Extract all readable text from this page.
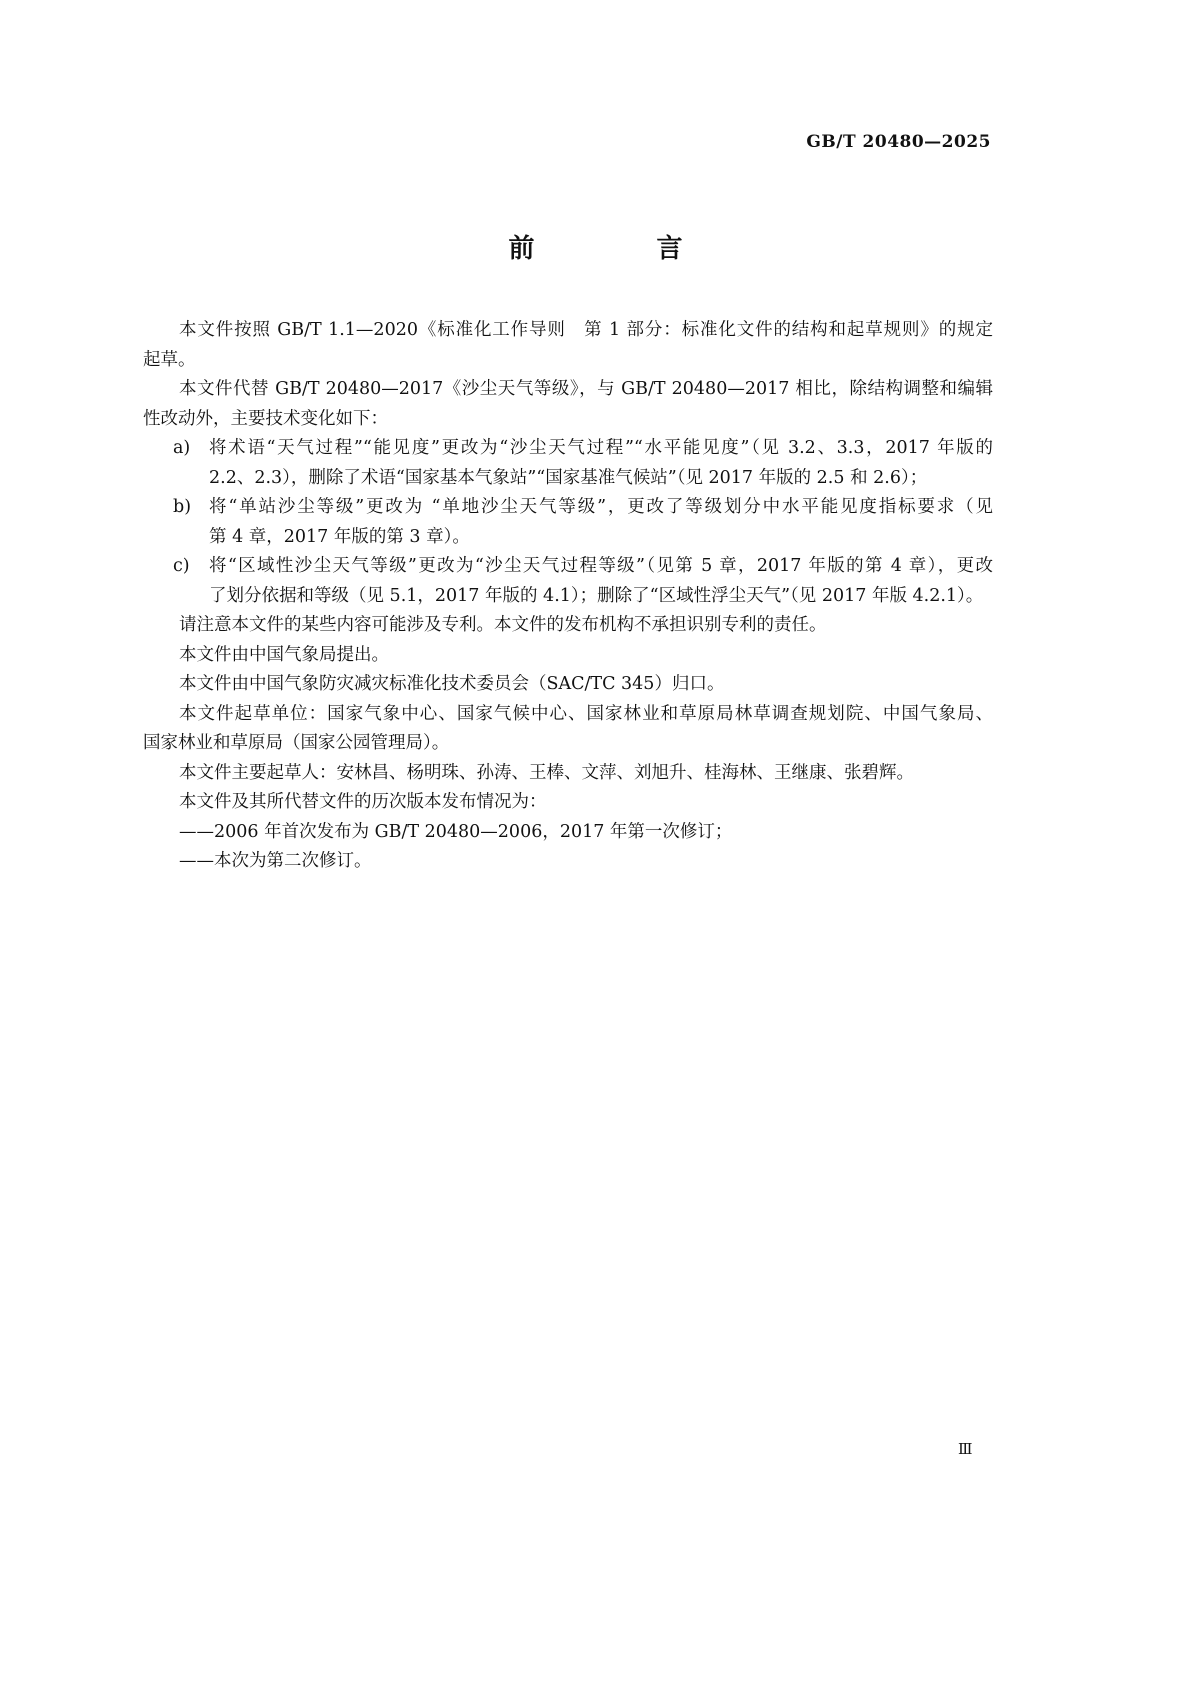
GB/T 20480—2025
前　言
本文件按照 GB/T 1.1—2020《标准化工作导则　第 1 部分：标准化文件的结构和起草规则》的规定
起草。
本文件代替 GB/T 20480—2017《沙尘天气等级》，与 GB/T 20480—2017 相比，除结构调整和编辑
性改动外，主要技术变化如下：
a)	将术语“天气过程”“能见度”更改为“沙尘天气过程”“水平能见度”（见 3.2、3.3，2017 年版的
2.2、2.3），删除了术语“国家基本气象站”“国家基准气候站”（见 2017 年版的 2.5 和 2.6）；
b)	将“单站沙尘等级”更改为 “单地沙尘天气等级”，更改了等级划分中水平能见度指标要求（见
第 4 章，2017 年版的第 3 章）。
c)	将“区域性沙尘天气等级”更改为“沙尘天气过程等级”（见第 5 章，2017 年版的第 4 章），更改
了划分依据和等级（见 5.1，2017 年版的 4.1）；删除了“区域性浮尘天气”（见 2017 年版 4.2.1）。
请注意本文件的某些内容可能涉及专利。本文件的发布机构不承担识别专利的责任。
本文件由中国气象局提出。
本文件由中国气象防灾减灾标准化技术委员会（SAC/TC 345）归口。
本文件起草单位：国家气象中心、国家气候中心、国家林业和草原局林草调查规划院、中国气象局、
国家林业和草原局（国家公园管理局）。
本文件主要起草人：安林昌、杨明珠、孙涛、王棒、文萍、刘旭升、桂海林、王继康、张碧辉。
本文件及其所代替文件的历次版本发布情况为：
——2006 年首次发布为 GB/T 20480—2006，2017 年第一次修订；
——本次为第二次修订。
Ⅲ
